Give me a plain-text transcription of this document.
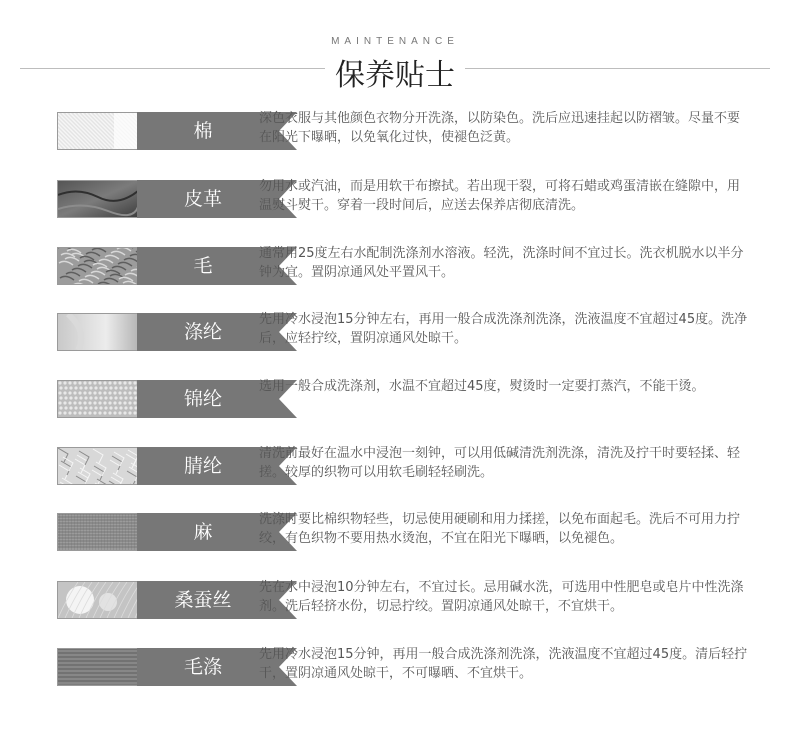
MAINTENANCE
保养贴士
棉
深色衣服与其他颜色衣物分开洗涤，以防染色。洗后应迅速挂起以防褶皱。尽量不要在阳光下曝晒，以免氧化过快，使褪色泛黄。
皮革
勿用水或汽油，而是用软干布擦拭。若出现干裂，可将石蜡或鸡蛋清嵌在缝隙中，用温熨斗熨干。穿着一段时间后，应送去保养店彻底清洗。
毛
通常用25度左右水配制洗涤剂水溶液。轻洗，洗涤时间不宜过长。洗衣机脱水以半分钟为宜。置阴凉通风处平置风干。
涤纶
先用冷水浸泡15分钟左右，再用一般合成洗涤剂洗涤，洗液温度不宜超过45度。洗净后，应轻拧绞，置阴凉通风处晾干。
锦纶
选用一般合成洗涤剂，水温不宜超过45度，熨烫时一定要打蒸汽，不能干烫。
腈纶
清洗前最好在温水中浸泡一刻钟，可以用低碱清洗剂洗涤，清洗及拧干时要轻揉、轻搓。较厚的织物可以用软毛刷轻轻刷洗。
麻
洗涤时要比棉织物轻些，切忌使用硬刷和用力揉搓，以免布面起毛。洗后不可用力拧绞，有色织物不要用热水烫泡，不宜在阳光下曝晒，以免褪色。
桑蚕丝
先在水中浸泡10分钟左右，不宜过长。忌用碱水洗，可选用中性肥皂或皂片中性洗涤剂。洗后轻挤水份，切忌拧绞。置阴凉通风处晾干，不宜烘干。
毛涤
先用冷水浸泡15分钟，再用一般合成洗涤剂洗涤，洗液温度不宜超过45度。清后轻拧干，置阴凉通风处晾干，不可曝晒、不宜烘干。
